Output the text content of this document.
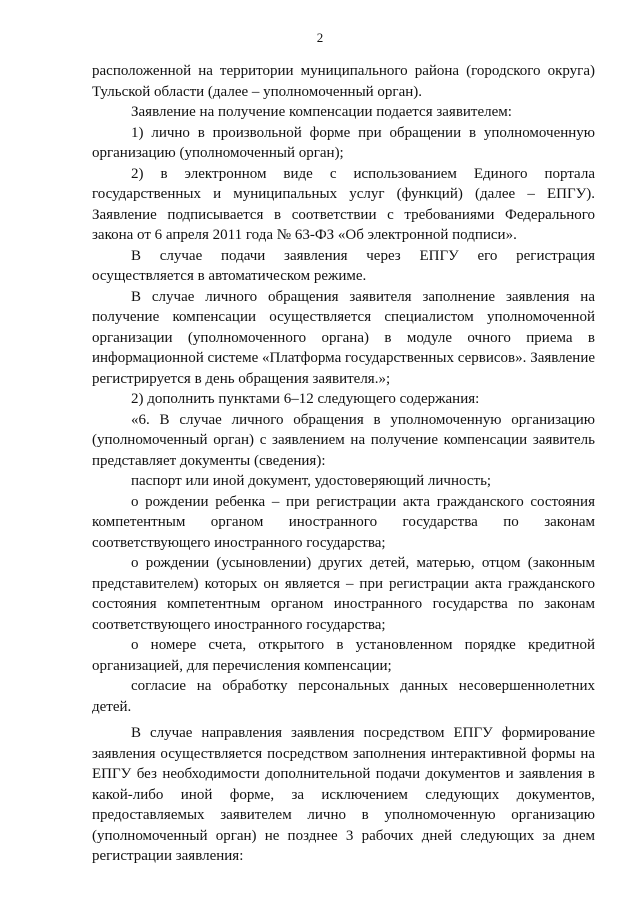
2

расположенной на территории муниципального района (городского округа) Тульской области (далее – уполномоченный орган).

Заявление на получение компенсации подается заявителем:

1) лично в произвольной форме при обращении в уполномоченную организацию (уполномоченный орган);

2) в электронном виде с использованием Единого портала государственных и муниципальных услуг (функций) (далее – ЕПГУ). Заявление подписывается в соответствии с требованиями Федерального закона от 6 апреля 2011 года № 63-ФЗ «Об электронной подписи».

В случае подачи заявления через ЕПГУ его регистрация осуществляется в автоматическом режиме.

В случае личного обращения заявителя заполнение заявления на получение компенсации осуществляется специалистом уполномоченной организации (уполномоченного органа) в модуле очного приема в информационной системе «Платформа государственных сервисов». Заявление регистрируется в день обращения заявителя.»;

2) дополнить пунктами 6–12 следующего содержания:

«6. В случае личного обращения в уполномоченную организацию (уполномоченный орган) с заявлением на получение компенсации заявитель представляет документы (сведения):

паспорт или иной документ, удостоверяющий личность;

о рождении ребенка – при регистрации акта гражданского состояния компетентным органом иностранного государства по законам соответствующего иностранного государства;

о рождении (усыновлении) других детей, матерью, отцом (законным представителем) которых он является – при регистрации акта гражданского состояния компетентным органом иностранного государства по законам соответствующего иностранного государства;

о номере счета, открытого в установленном порядке кредитной организацией, для перечисления компенсации;

согласие на обработку персональных данных несовершеннолетних детей.

В случае направления заявления посредством ЕПГУ формирование заявления осуществляется посредством заполнения интерактивной формы на ЕПГУ без необходимости дополнительной подачи документов и заявления в какой-либо иной форме, за исключением следующих документов, предоставляемых заявителем лично в уполномоченную организацию (уполномоченный орган) не позднее 3 рабочих дней следующих за днем регистрации заявления:
